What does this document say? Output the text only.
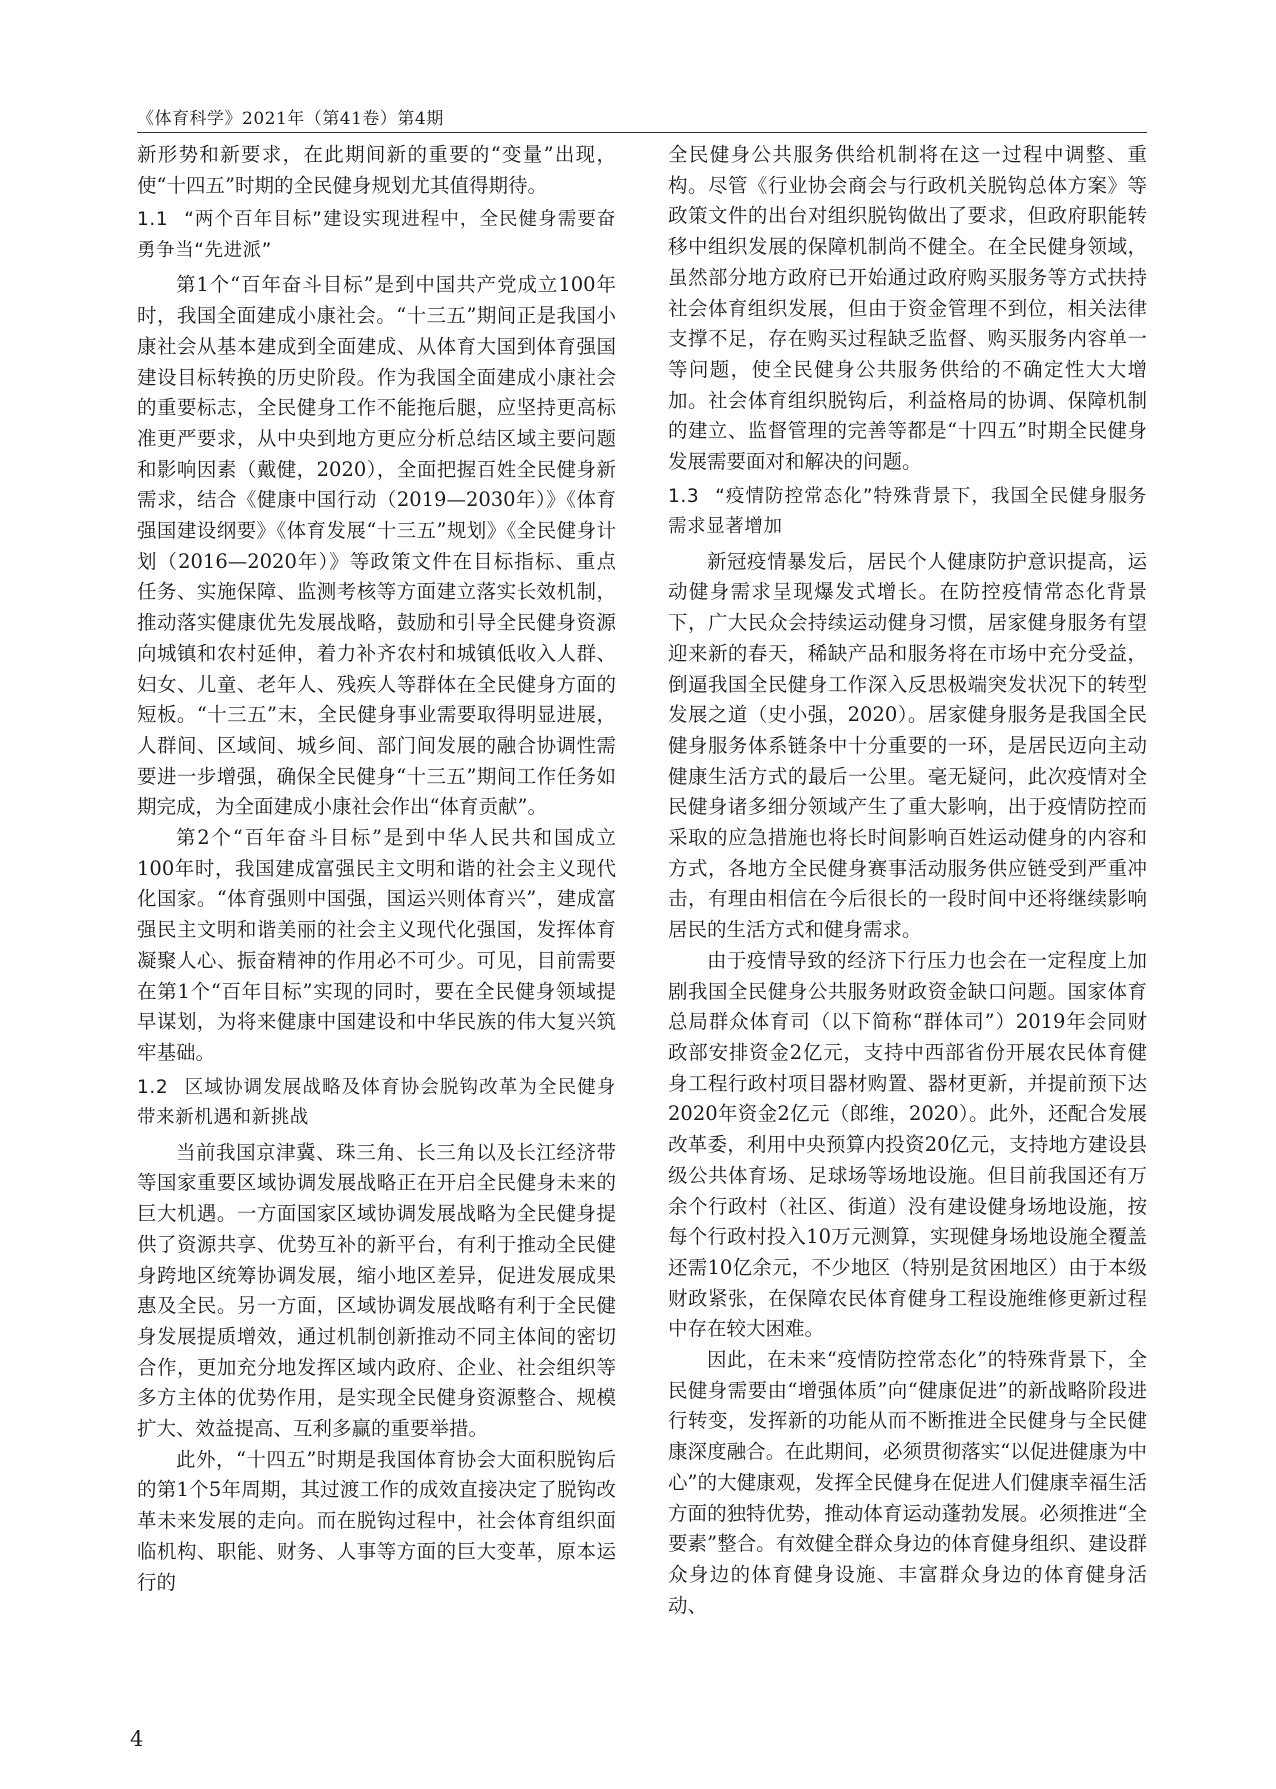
《体育科学》2021年（第41卷）第4期

新形势和新要求，在此期间新的重要的“变量”出现，使“十四五”时期的全民健身规划尤其值得期待。

1.1 “两个百年目标”建设实现进程中，全民健身需要奋勇争当“先进派”

第1个“百年奋斗目标”是到中国共产党成立100年时，我国全面建成小康社会。“十三五”期间正是我国小康社会从基本建成到全面建成、从体育大国到体育强国建设目标转换的历史阶段。作为我国全面建成小康社会的重要标志，全民健身工作不能拖后腿，应坚持更高标准更严要求，从中央到地方更应分析总结区域主要问题和影响因素（戴健，2020），全面把握百姓全民健身新需求，结合《健康中国行动（2019—2030年）》《体育强国建设纲要》《体育发展“十三五”规划》《全民健身计划（2016—2020年）》等政策文件在目标指标、重点任务、实施保障、监测考核等方面建立落实长效机制，推动落实健康优先发展战略，鼓励和引导全民健身资源向城镇和农村延伸，着力补齐农村和城镇低收入人群、妇女、儿童、老年人、残疾人等群体在全民健身方面的短板。“十三五”末，全民健身事业需要取得明显进展，人群间、区域间、城乡间、部门间发展的融合协调性需要进一步增强，确保全民健身“十三五”期间工作任务如期完成，为全面建成小康社会作出“体育贡献”。

第2个“百年奋斗目标”是到中华人民共和国成立100年时，我国建成富强民主文明和谐的社会主义现代化国家。“体育强则中国强，国运兴则体育兴”，建成富强民主文明和谐美丽的社会主义现代化强国，发挥体育凝聚人心、振奋精神的作用必不可少。可见，目前需要在第1个“百年目标”实现的同时，要在全民健身领域提早谋划，为将来健康中国建设和中华民族的伟大复兴筑牢基础。

1.2 区域协调发展战略及体育协会脱钩改革为全民健身带来新机遇和新挑战

当前我国京津冀、珠三角、长三角以及长江经济带等国家重要区域协调发展战略正在开启全民健身未来的巨大机遇。一方面国家区域协调发展战略为全民健身提供了资源共享、优势互补的新平台，有利于推动全民健身跨地区统筹协调发展，缩小地区差异，促进发展成果惠及全民。另一方面，区域协调发展战略有利于全民健身发展提质增效，通过机制创新推动不同主体间的密切合作，更加充分地发挥区域内政府、企业、社会组织等多方主体的优势作用，是实现全民健身资源整合、规模扩大、效益提高、互利多赢的重要举措。

此外，“十四五”时期是我国体育协会大面积脱钩后的第1个5年周期，其过渡工作的成效直接决定了脱钩改革未来发展的走向。而在脱钩过程中，社会体育组织面临机构、职能、财务、人事等方面的巨大变革，原本运行的

全民健身公共服务供给机制将在这一过程中调整、重构。尽管《行业协会商会与行政机关脱钩总体方案》等政策文件的出台对组织脱钩做出了要求，但政府职能转移中组织发展的保障机制尚不健全。在全民健身领域，虽然部分地方政府已开始通过政府购买服务等方式扶持社会体育组织发展，但由于资金管理不到位，相关法律支撑不足，存在购买过程缺乏监督、购买服务内容单一等问题，使全民健身公共服务供给的不确定性大大增加。社会体育组织脱钩后，利益格局的协调、保障机制的建立、监督管理的完善等都是“十四五”时期全民健身发展需要面对和解决的问题。

1.3 “疫情防控常态化”特殊背景下，我国全民健身服务需求显著增加

新冠疫情暴发后，居民个人健康防护意识提高，运动健身需求呈现爆发式增长。在防控疫情常态化背景下，广大民众会持续运动健身习惯，居家健身服务有望迎来新的春天，稀缺产品和服务将在市场中充分受益，倒逼我国全民健身工作深入反思极端突发状况下的转型发展之道（史小强，2020）。居家健身服务是我国全民健身服务体系链条中十分重要的一环，是居民迈向主动健康生活方式的最后一公里。毫无疑问，此次疫情对全民健身诸多细分领域产生了重大影响，出于疫情防控而采取的应急措施也将长时间影响百姓运动健身的内容和方式，各地方全民健身赛事活动服务供应链受到严重冲击，有理由相信在今后很长的一段时间中还将继续影响居民的生活方式和健身需求。

由于疫情导致的经济下行压力也会在一定程度上加剧我国全民健身公共服务财政资金缺口问题。国家体育总局群众体育司（以下简称“群体司”）2019年会同财政部安排资金2亿元，支持中西部省份开展农民体育健身工程行政村项目器材购置、器材更新，并提前预下达2020年资金2亿元（郎维，2020）。此外，还配合发展改革委，利用中央预算内投资20亿元，支持地方建设县级公共体育场、足球场等场地设施。但目前我国还有万余个行政村（社区、街道）没有建设健身场地设施，按每个行政村投入10万元测算，实现健身场地设施全覆盖还需10亿余元，不少地区（特别是贫困地区）由于本级财政紧张，在保障农民体育健身工程设施维修更新过程中存在较大困难。

因此，在未来“疫情防控常态化”的特殊背景下，全民健身需要由“增强体质”向“健康促进”的新战略阶段进行转变，发挥新的功能从而不断推进全民健身与全民健康深度融合。在此期间，必须贯彻落实“以促进健康为中心”的大健康观，发挥全民健身在促进人们健康幸福生活方面的独特优势，推动体育运动蓬勃发展。必须推进“全要素”整合。有效健全群众身边的体育健身组织、建设群众身边的体育健身设施、丰富群众身边的体育健身活动、

4
